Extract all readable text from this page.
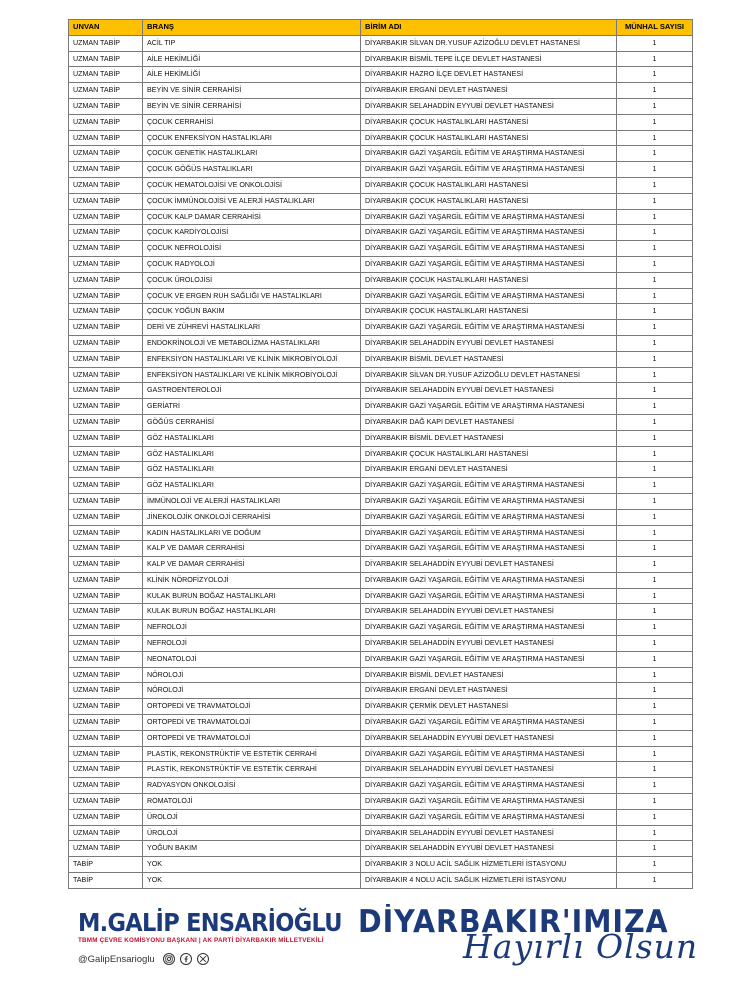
UNVAN	BRANŞ	BİRİM ADI	MÜNHAL SAYISI
UZMAN TABİP	ACİL TIP	DİYARBAKIR SİLVAN DR.YUSUF AZİZOĞLU DEVLET HASTANESİ	1
UZMAN TABİP	AİLE HEKİMLİĞİ	DİYARBAKIR BİSMİL TEPE İLÇE DEVLET HASTANESİ	1
UZMAN TABİP	AİLE HEKİMLİĞİ	DİYARBAKIR HAZRO İLÇE DEVLET HASTANESİ	1
UZMAN TABİP	BEYİN VE SİNİR CERRAHİSİ	DİYARBAKIR ERGANİ DEVLET HASTANESİ	1
UZMAN TABİP	BEYİN VE SİNİR CERRAHİSİ	DİYARBAKIR SELAHADDİN EYYUBİ DEVLET HASTANESİ	1
UZMAN TABİP	ÇOCUK CERRAHİSİ	DİYARBAKIR ÇOCUK HASTALIKLARI HASTANESİ	1
UZMAN TABİP	ÇOCUK ENFEKSİYON HASTALIKLARI	DİYARBAKIR ÇOCUK HASTALIKLARI HASTANESİ	1
UZMAN TABİP	ÇOCUK GENETİK HASTALIKLARI	DİYARBAKIR GAZİ YAŞARGİL EĞİTİM VE ARAŞTIRMA HASTANESİ	1
UZMAN TABİP	ÇOCUK GÖĞÜS HASTALIKLARI	DİYARBAKIR GAZİ YAŞARGİL EĞİTİM VE ARAŞTIRMA HASTANESİ	1
UZMAN TABİP	ÇOCUK HEMATOLOJİSİ VE ONKOLOJİSİ	DİYARBAKIR ÇOCUK HASTALIKLARI HASTANESİ	1
UZMAN TABİP	ÇOCUK İMMÜNOLOJİSİ VE ALERJİ HASTALIKLARI	DİYARBAKIR ÇOCUK HASTALIKLARI HASTANESİ	1
UZMAN TABİP	ÇOCUK KALP DAMAR CERRAHİSİ	DİYARBAKIR GAZİ YAŞARGİL EĞİTİM VE ARAŞTIRMA HASTANESİ	1
UZMAN TABİP	ÇOCUK KARDİYOLOJİSİ	DİYARBAKIR GAZİ YAŞARGİL EĞİTİM VE ARAŞTIRMA HASTANESİ	1
UZMAN TABİP	ÇOCUK NEFROLOJİSİ	DİYARBAKIR GAZİ YAŞARGİL EĞİTİM VE ARAŞTIRMA HASTANESİ	1
UZMAN TABİP	ÇOCUK RADYOLOJİ	DİYARBAKIR GAZİ YAŞARGİL EĞİTİM VE ARAŞTIRMA HASTANESİ	1
UZMAN TABİP	ÇOCUK ÜROLOJİSİ	DİYARBAKIR ÇOCUK HASTALIKLARI HASTANESİ	1
UZMAN TABİP	ÇOCUK VE ERGEN RUH SAĞLIĞI VE HASTALIKLARI	DİYARBAKIR GAZİ YAŞARGİL EĞİTİM VE ARAŞTIRMA HASTANESİ	1
UZMAN TABİP	ÇOCUK YOĞUN BAKIM	DİYARBAKIR ÇOCUK HASTALIKLARI HASTANESİ	1
UZMAN TABİP	DERİ VE ZÜHREVİ HASTALIKLARI	DİYARBAKIR GAZİ YAŞARGİL EĞİTİM VE ARAŞTIRMA HASTANESİ	1
UZMAN TABİP	ENDOKRİNOLOJİ VE METABOLİZMA HASTALIKLARI	DİYARBAKIR SELAHADDİN EYYUBİ DEVLET HASTANESİ	1
UZMAN TABİP	ENFEKSİYON HASTALIKLARI VE KLİNİK MİKROBİYOLOJİ	DİYARBAKIR BİSMİL DEVLET HASTANESİ	1
UZMAN TABİP	ENFEKSİYON HASTALIKLARI VE KLİNİK MİKROBİYOLOJİ	DİYARBAKIR SİLVAN DR.YUSUF AZİZOĞLU DEVLET HASTANESİ	1
UZMAN TABİP	GASTROENTEROLOJİ	DİYARBAKIR SELAHADDİN EYYUBİ DEVLET HASTANESİ	1
UZMAN TABİP	GERİATRİ	DİYARBAKIR GAZİ YAŞARGİL EĞİTİM VE ARAŞTIRMA HASTANESİ	1
UZMAN TABİP	GÖĞÜS CERRAHİSİ	DİYARBAKIR DAĞ KAPI DEVLET HASTANESİ	1
UZMAN TABİP	GÖZ HASTALIKLARI	DİYARBAKIR BİSMİL DEVLET HASTANESİ	1
UZMAN TABİP	GÖZ HASTALIKLARI	DİYARBAKIR ÇOCUK HASTALIKLARI HASTANESİ	1
UZMAN TABİP	GÖZ HASTALIKLARI	DİYARBAKIR ERGANİ DEVLET HASTANESİ	1
UZMAN TABİP	GÖZ HASTALIKLARI	DİYARBAKIR GAZİ YAŞARGİL EĞİTİM VE ARAŞTIRMA HASTANESİ	1
UZMAN TABİP	İMMÜNOLOJİ VE ALERJİ HASTALIKLARI	DİYARBAKIR GAZİ YAŞARGİL EĞİTİM VE ARAŞTIRMA HASTANESİ	1
UZMAN TABİP	JİNEKOLOJİK ONKOLOJİ CERRAHİSİ	DİYARBAKIR GAZİ YAŞARGİL EĞİTİM VE ARAŞTIRMA HASTANESİ	1
UZMAN TABİP	KADIN HASTALIKLARI VE DOĞUM	DİYARBAKIR GAZİ YAŞARGİL EĞİTİM VE ARAŞTIRMA HASTANESİ	1
UZMAN TABİP	KALP VE DAMAR CERRAHİSİ	DİYARBAKIR GAZİ YAŞARGİL EĞİTİM VE ARAŞTIRMA HASTANESİ	1
UZMAN TABİP	KALP VE DAMAR CERRAHİSİ	DİYARBAKIR SELAHADDİN EYYUBİ DEVLET HASTANESİ	1
UZMAN TABİP	KLİNİK NÖROFİZYOLOJİ	DİYARBAKIR GAZİ YAŞARGİL EĞİTİM VE ARAŞTIRMA HASTANESİ	1
UZMAN TABİP	KULAK BURUN BOĞAZ HASTALIKLARI	DİYARBAKIR GAZİ YAŞARGİL EĞİTİM VE ARAŞTIRMA HASTANESİ	1
UZMAN TABİP	KULAK BURUN BOĞAZ HASTALIKLARI	DİYARBAKIR SELAHADDİN EYYUBİ DEVLET HASTANESİ	1
UZMAN TABİP	NEFROLOJİ	DİYARBAKIR GAZİ YAŞARGİL EĞİTİM VE ARAŞTIRMA HASTANESİ	1
UZMAN TABİP	NEFROLOJİ	DİYARBAKIR SELAHADDİN EYYUBİ DEVLET HASTANESİ	1
UZMAN TABİP	NEONATOLOJİ	DİYARBAKIR GAZİ YAŞARGİL EĞİTİM VE ARAŞTIRMA HASTANESİ	1
UZMAN TABİP	NÖROLOJİ	DİYARBAKIR BİSMİL DEVLET HASTANESİ	1
UZMAN TABİP	NÖROLOJİ	DİYARBAKIR ERGANİ DEVLET HASTANESİ	1
UZMAN TABİP	ORTOPEDİ VE TRAVMATOLOJİ	DİYARBAKIR ÇERMİK DEVLET HASTANESİ	1
UZMAN TABİP	ORTOPEDİ VE TRAVMATOLOJİ	DİYARBAKIR GAZİ YAŞARGİL EĞİTİM VE ARAŞTIRMA HASTANESİ	1
UZMAN TABİP	ORTOPEDİ VE TRAVMATOLOJİ	DİYARBAKIR SELAHADDİN EYYUBİ DEVLET HASTANESİ	1
UZMAN TABİP	PLASTİK, REKONSTRÜKTİF VE ESTETİK CERRAHİ	DİYARBAKIR GAZİ YAŞARGİL EĞİTİM VE ARAŞTIRMA HASTANESİ	1
UZMAN TABİP	PLASTİK, REKONSTRÜKTİF VE ESTETİK CERRAHİ	DİYARBAKIR SELAHADDİN EYYUBİ DEVLET HASTANESİ	1
UZMAN TABİP	RADYASYON ONKOLOJİSİ	DİYARBAKIR GAZİ YAŞARGİL EĞİTİM VE ARAŞTIRMA HASTANESİ	1
UZMAN TABİP	ROMATOLOJİ	DİYARBAKIR GAZİ YAŞARGİL EĞİTİM VE ARAŞTIRMA HASTANESİ	1
UZMAN TABİP	ÜROLOJİ	DİYARBAKIR GAZİ YAŞARGİL EĞİTİM VE ARAŞTIRMA HASTANESİ	1
UZMAN TABİP	ÜROLOJİ	DİYARBAKIR SELAHADDİN EYYUBİ DEVLET HASTANESİ	1
UZMAN TABİP	YOĞUN BAKIM	DİYARBAKIR SELAHADDİN EYYUBİ DEVLET HASTANESİ	1
TABİP	YOK	DİYARBAKIR 3 NOLU ACİL SAĞLIK HİZMETLERİ İSTASYONU	1
TABİP	YOK	DİYARBAKIR 4 NOLU ACİL SAĞLIK HİZMETLERİ İSTASYONU	1
M.GALİP ENSARİOĞLU
TBMM ÇEVRE KOMİSYONU BAŞKANI | AK PARTİ DİYARBAKIR MİLLETVEKİLİ
@GalipEnsarioglu
DİYARBAKIR'IMIZA
Hayırlı Olsun
